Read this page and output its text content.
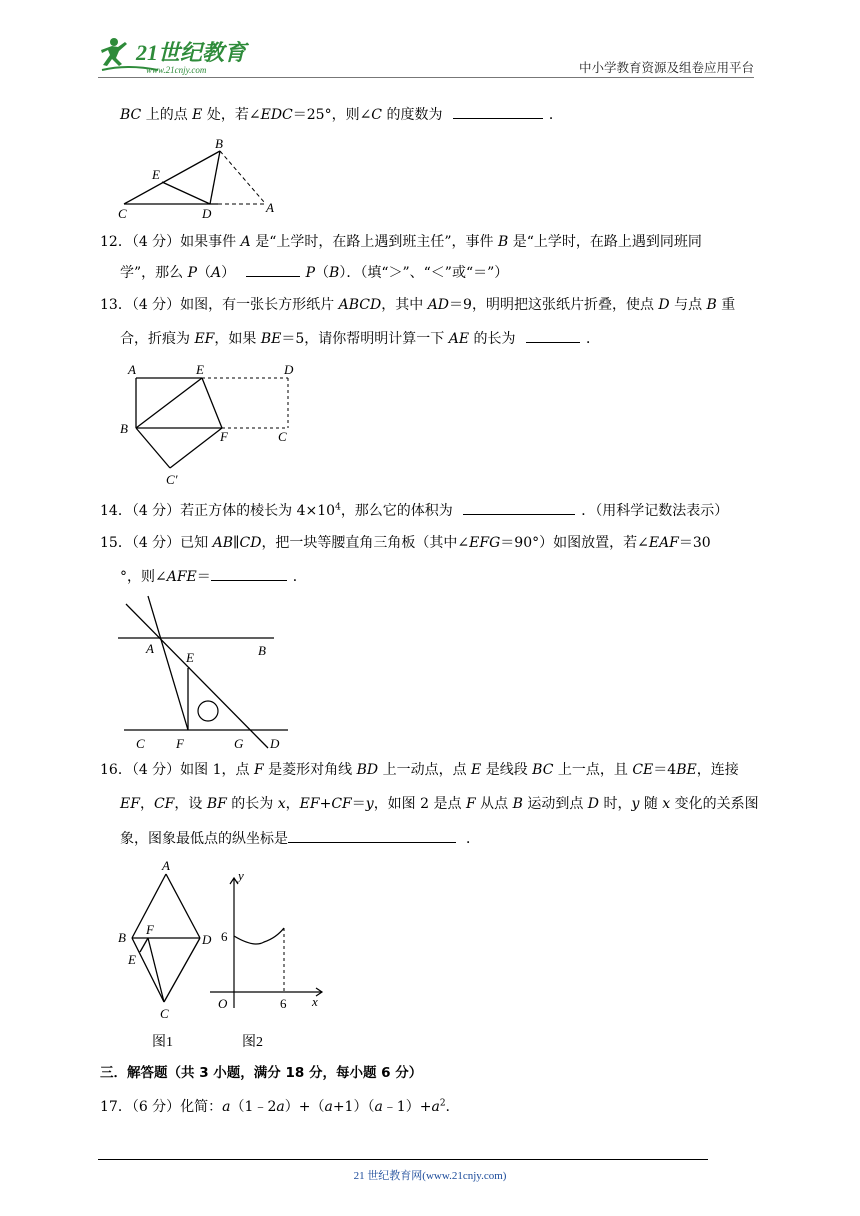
21世纪教育
www.21cnjy.com	中小学教育资源及组卷应用平台
BC 上的点 E 处，若∠EDC＝25°，则∠C 的度数为	．
B
E
C	D	A
12．（4 分）如果事件 A 是“上学时，在路上遇到班主任”，事件 B 是“上学时，在路上遇到同班同
学”，那么 P（A）	P（B）．（填“＞”、“＜”或“＝”）
13．（4 分）如图，有一张长方形纸片 ABCD，其中 AD＝9，明明把这张纸片折叠，使点 D 与点 B 重
合，折痕为 EF，如果 BE＝5，请你帮明明计算一下 AE 的长为	．
A	E	D
B
F	C
C′
14．（4 分）若正方体的棱长为 $4\times 10^4$，那么它的体积为	．（用科学记数法表示）
15．（4 分）已知 AB∥CD，把一块等腰直角三角板（其中∠EFG＝90°）如图放置，若∠EAF＝30
°，则∠AFE＝	．
A
E	B
C F	G D
16．（4 分）如图 1，点 F 是菱形对角线 BD 上一动点，点 E 是线段 BC 上一点，且 CE＝4BE，连接
EF，CF，设 BF 的长为 x，EF+CF＝y，如图 2 是点 F 从点 B 运动到点 D 时，y 随 x 变化的关系图
象，图象最低点的纵坐标是	．
A
B
F
D
E
C
y
6
O	6 x
图1	图2
三．解答题（共 3 小题，满分 18 分，每小题 6 分）
17．（6 分）化简：$a(1﹣2a)+(a+1)(a﹣1)+a^2$.
21 世纪教育网(www.21cnjy.com)
